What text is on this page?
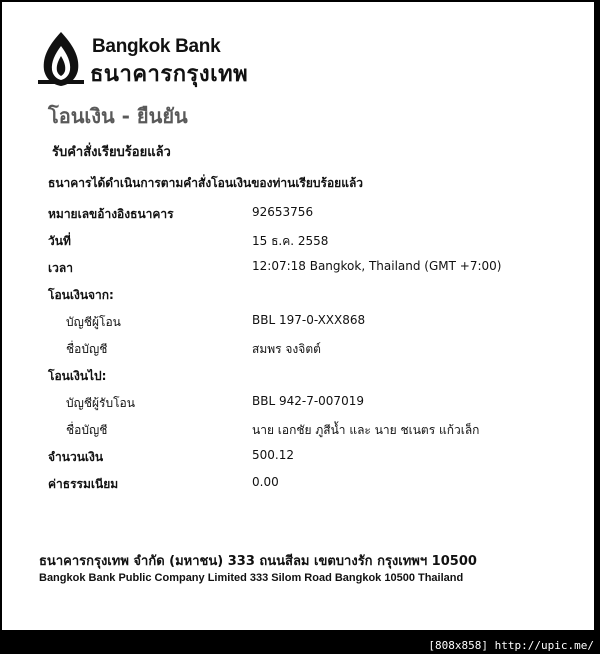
Bangkok Bank
ธนาคารกรุงเทพ
โอนเงิน - ยืนยัน
รับคำสั่งเรียบร้อยแล้ว
ธนาคารได้ดำเนินการตามคำสั่งโอนเงินของท่านเรียบร้อยแล้ว
หมายเลขอ้างอิงธนาคาร	92653756
วันที่	15 ธ.ค. 2558
เวลา	12:07:18 Bangkok, Thailand (GMT +7:00)
โอนเงินจาก:
บัญชีผู้โอน	BBL 197-0-XXX868
ชื่อบัญชี	สมพร จงจิตต์
โอนเงินไป:
บัญชีผู้รับโอน	BBL 942-7-007019
ชื่อบัญชี	นาย เอกชัย ภูสีน้ำ และ นาย ชเนตร แก้วเล็ก
จำนวนเงิน	500.12
ค่าธรรมเนียม	0.00
ธนาคารกรุงเทพ จำกัด (มหาชน) 333 ถนนสีลม เขตบางรัก กรุงเทพฯ 10500
Bangkok Bank Public Company Limited 333 Silom Road Bangkok 10500 Thailand
[808x858] http://upic.me/
